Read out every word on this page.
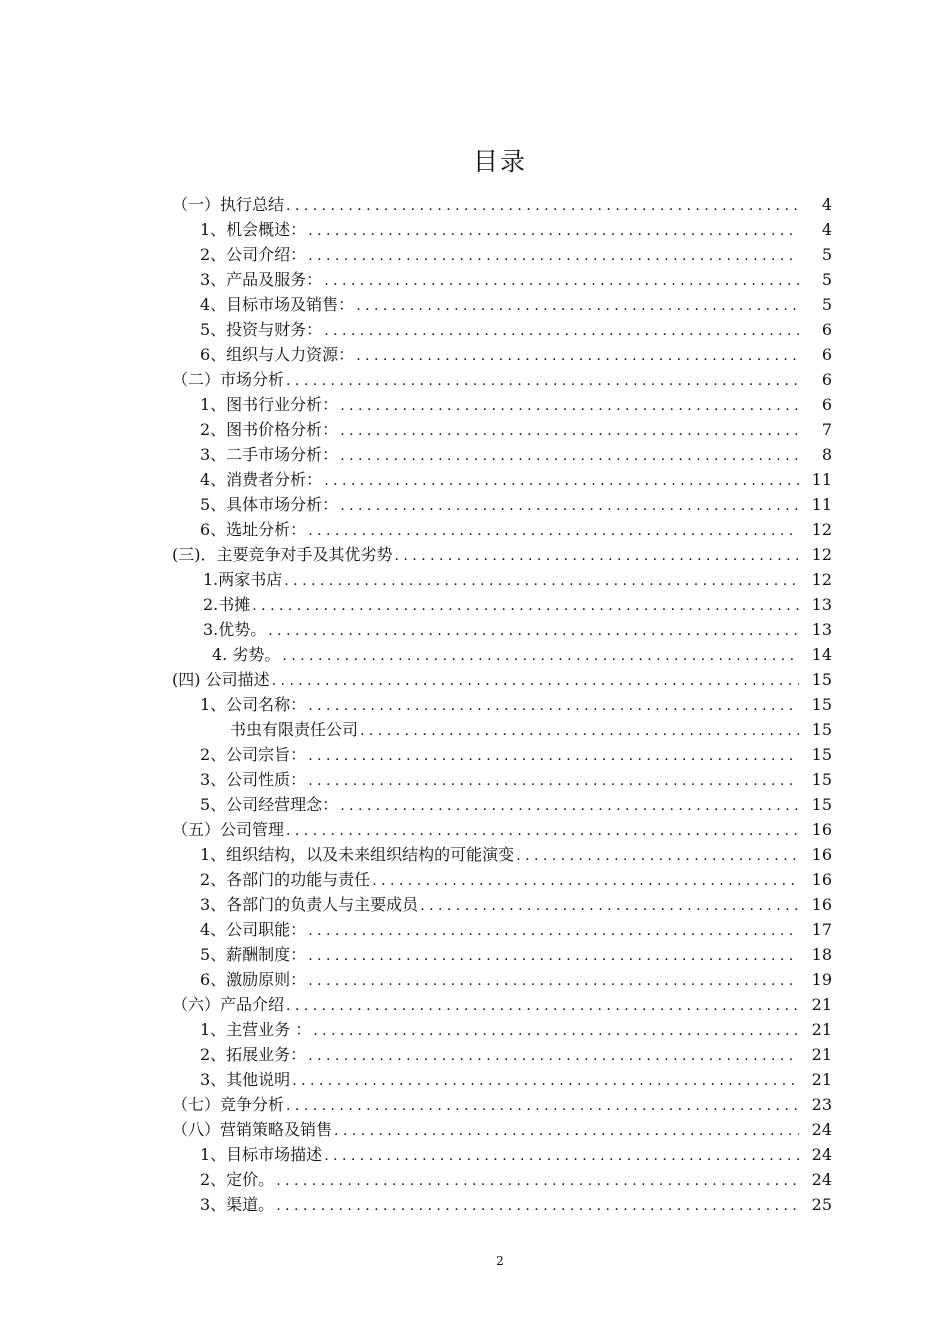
目录
（一）执行总结 . . .	4
1、机会概述： . . .	4
2、公司介绍： . . .	5
3、产品及服务： . . .	5
4、目标市场及销售： . . .	5
5、投资与财务： . . .	6
6、组织与人力资源： . . .	6
（二）市场分析 . . .	6
1、图书行业分析： . . .	6
2、图书价格分析： . . .	7
3、二手市场分析： . . .	8
4、消费者分析： . . .	11
5、具体市场分析： . . .	11
6、选址分析： . . .	12
(三)．主要竞争对手及其优劣势 . . .	12
1.两家书店 . . .	12
2.书摊 . . .	13
3.优势。 . . .	13
4. 劣势。 . . .	14
(四) 公司描述 . . .	15
1、公司名称： . . .	15
书虫有限责任公司 . . .	15
2、公司宗旨： . . .	15
3、公司性质： . . .	15
5、公司经营理念： . . .	15
（五）公司管理 . . .	16
1、组织结构，以及未来组织结构的可能演变 . . .	16
2、各部门的功能与责任 . . .	16
3、各部门的负责人与主要成员 . . .	16
4、公司职能： . . .	17
5、薪酬制度： . . .	18
6、激励原则： . . .	19
（六）产品介绍 . . .	21
1、主营业务 ： . . .	21
2、拓展业务： . . .	21
3、其他说明 . . .	21
（七）竞争分析 . . .	23
（八）营销策略及销售 . . .	24
1、目标市场描述 . . .	24
2、定价。 . . .	24
3、渠道。 . . .	25
2
